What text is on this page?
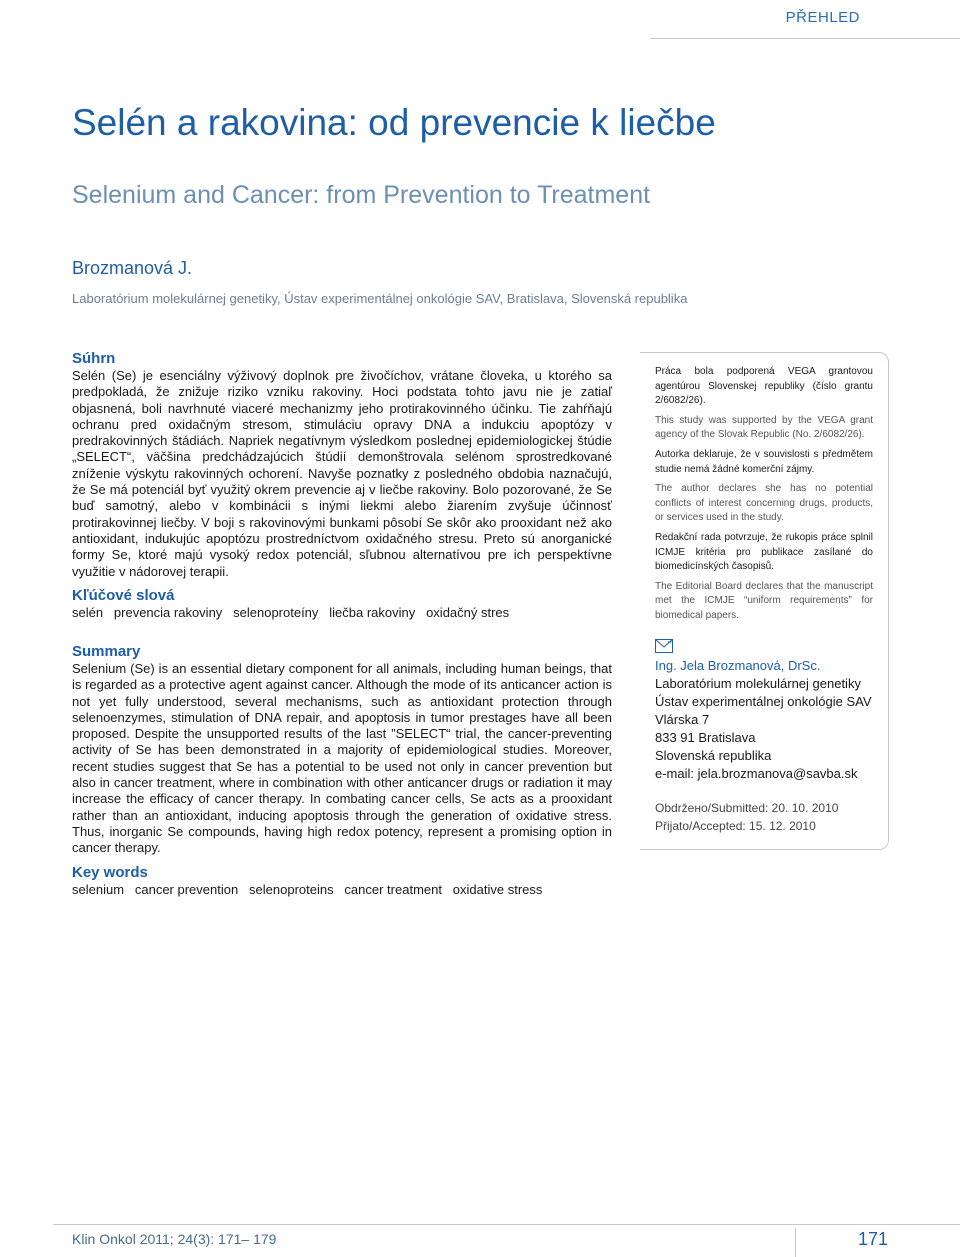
PŘEHLED
Selén a rakovina: od prevencie k liečbe
Selenium and Cancer: from Prevention to Treatment
Brozmanová J.
Laboratórium molekulárnej genetiky, Ústav experimentálnej onkológie SAV, Bratislava, Slovenská republika
Súhrn

Selén (Se) je esenciálny výživový doplnok pre živočíchov, vrátane človeka, u ktorého sa predpokladá, že znižuje riziko vzniku rakoviny. Hoci podstata tohto javu nie je zatiaľ objasnená, boli navrhnuté viaceré mechanizmy jeho protirakovinného účinku. Tie zahŕňajú ochranu pred oxidačným stresom, stimuláciu opravy DNA a indukciu apoptózy v predrakovinných štádiách. Napriek negatívnym výsledkom poslednej epidemiologickej štúdie „SELECT“, väčšina predchádzajúcich štúdií demonštrovala selénom sprostredkované zníženie výskytu rakovinných ochorení. Navyše poznatky z posledného obdobia naznačujú, že Se má potenciál byť využitý okrem prevencie aj v liečbe rakoviny. Bolo pozorované, že Se buď samotný, alebo v kombinácii s inými liekmi alebo žiarením zvyšuje účinnosť protirakovinnej liečby. V boji s rakovinovými bunkami pôsobí Se skôr ako prooxidant než ako antioxidant, indukujúc apoptózu prostredníctvom oxidačného stresu. Preto sú anorganické formy Se, ktoré majú vysoký redox potenciál, sľubnou alternatívou pre ich perspektívne využitie v nádorovej terapii.

Kľúčové slová

selén   prevencia rakoviny   selenoproteíny   liečba rakoviny   oxidačný stres

Summary

Selenium (Se) is an essential dietary component for all animals, including human beings, that is regarded as a protective agent against cancer. Although the mode of its anticancer action is not yet fully understood, several mechanisms, such as antioxidant protection through selenoenzymes, stimulation of DNA repair, and apoptosis in tumor prestages have all been proposed. Despite the unsupported results of the last ”SELECT“ trial, the cancer-preventing activity of Se has been demonstrated in a majority of epidemiological studies. Moreover, recent studies suggest that Se has a potential to be used not only in cancer prevention but also in cancer treatment, where in combination with other anticancer drugs or radiation it may increase the efficacy of cancer therapy. In combating cancer cells, Se acts as a prooxidant rather than an antioxidant, inducing apoptosis through the generation of oxidative stress. Thus, inorganic Se compounds, having high redox potency, represent a promising option in cancer therapy.

Key words

selenium   cancer prevention   selenoproteins   cancer treatment   oxidative stress

Práca bola podporená VEGA grantovou agentúrou Slovenskej republiky (číslo grantu 2/6082/26).

This study was supported by the VEGA grant agency of the Slovak Republic (No. 2/6082/26).

Autorka deklaruje, že v souvislosti s předmětem studie nemá žádné komerční zájmy.

The author declares she has no potential conflicts of interest concerning drugs, products, or services used in the study.

Redakční rada potvrzuje, že rukopis práce splnil ICMJE kritéria pro publikace zasílané do biomedicínských časopisů.

The Editorial Board declares that the manuscript met the ICMJE “uniform requirements” for biomedical papers.

Ing. Jela Brozmanová, DrSc.
Laboratórium molekulárnej genetiky
Ústav experimentálnej onkológie SAV
Vlárska 7
833 91 Bratislava
Slovenská republika
e-mail: jela.brozmanova@savba.sk
Obdržено/Submitted: 20. 10. 2010
Přijato/Accepted: 15. 12. 2010
Klin Onkol 2011; 24(3): 171– 179	171
